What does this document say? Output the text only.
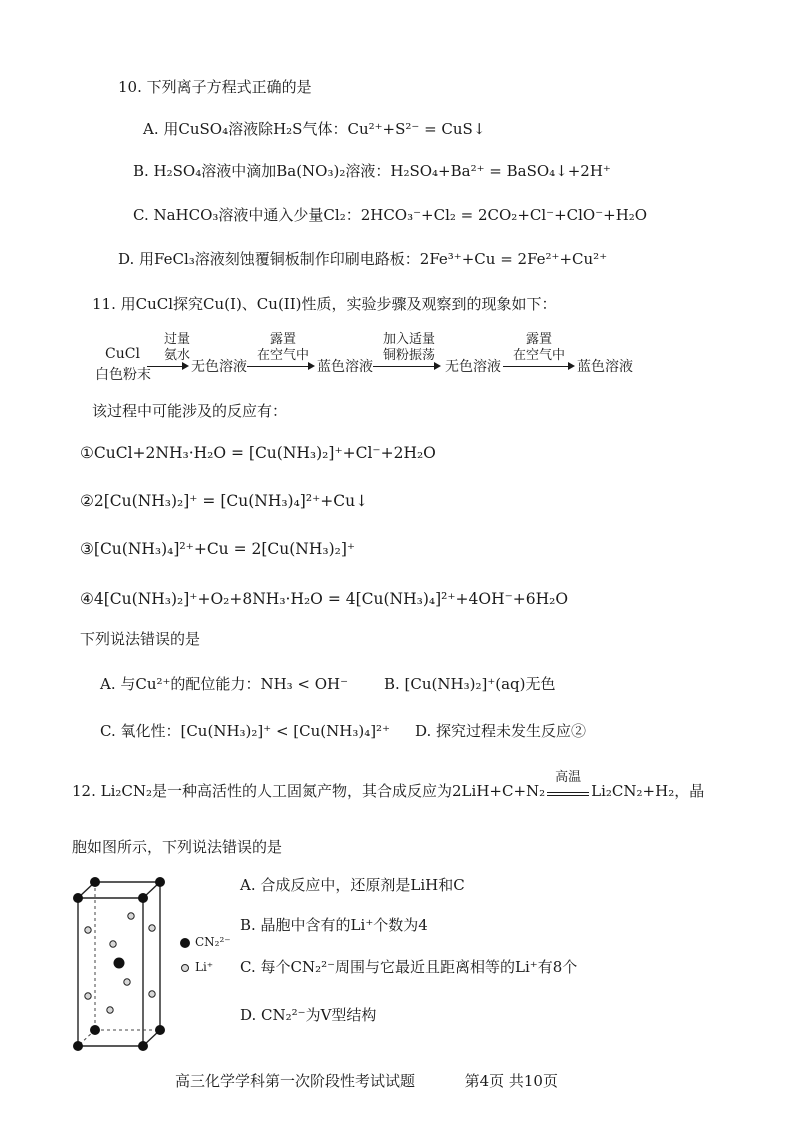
10. 下列离子方程式正确的是
A. 用CuSO₄溶液除H₂S气体：Cu²⁺+S²⁻ = CuS↓
B. H₂SO₄溶液中滴加Ba(NO₃)₂溶液：H₂SO₄+Ba²⁺ = BaSO₄↓+2H⁺
C. NaHCO₃溶液中通入少量Cl₂：2HCO₃⁻+Cl₂ = 2CO₂+Cl⁻+ClO⁻+H₂O
D. 用FeCl₃溶液刻蚀覆铜板制作印刷电路板：2Fe³⁺+Cu = 2Fe²⁺+Cu²⁺
11. 用CuCl探究Cu(I)、Cu(II)性质，实验步骤及观察到的现象如下：
CuCl
白色粉末
过量
氨水
无色溶液
露置
在空气中
蓝色溶液
加入适量
铜粉振荡
无色溶液
露置
在空气中
蓝色溶液
该过程中可能涉及的反应有：
①CuCl+2NH₃·H₂O = [Cu(NH₃)₂]⁺+Cl⁻+2H₂O
②2[Cu(NH₃)₂]⁺ = [Cu(NH₃)₄]²⁺+Cu↓
③[Cu(NH₃)₄]²⁺+Cu = 2[Cu(NH₃)₂]⁺
④4[Cu(NH₃)₂]⁺+O₂+8NH₃·H₂O = 4[Cu(NH₃)₄]²⁺+4OH⁻+6H₂O
下列说法错误的是
A. 与Cu²⁺的配位能力：NH₃ < OH⁻ B. [Cu(NH₃)₂]⁺(aq)无色
C. 氧化性：[Cu(NH₃)₂]⁺ < [Cu(NH₃)₄]²⁺ D. 探究过程未发生反应②
12. Li₂CN₂是一种高活性的人工固氮产物，其合成反应为2LiH+C+N₂
高温
Li₂CN₂+H₂，晶
胞如图所示，下列说法错误的是
CN₂²⁻
Li⁺
A. 合成反应中，还原剂是LiH和C
B. 晶胞中含有的Li⁺个数为4
C. 每个CN₂²⁻周围与它最近且距离相等的Li⁺有8个
D. CN₂²⁻为V型结构
高三化学学科第一次阶段性考试试题	第4页 共10页
